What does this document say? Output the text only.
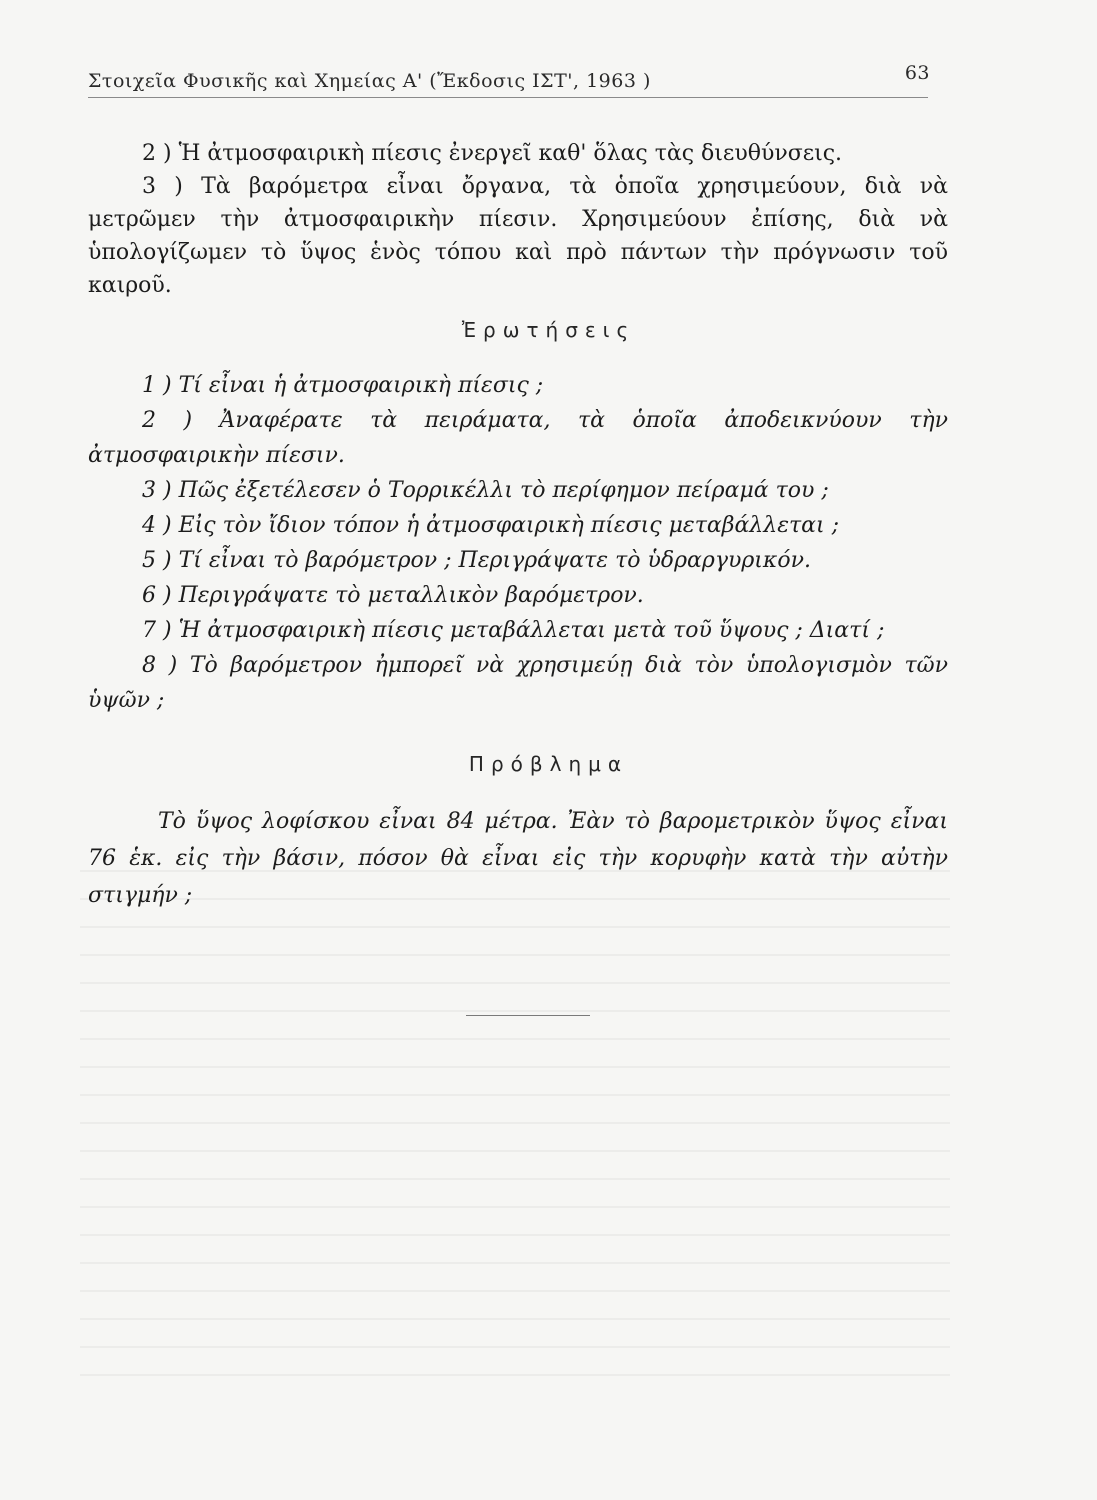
Στοιχεῖα Φυσικῆς καὶ Χημείας Α' (Ἔκδοσις ΙΣΤ', 1963 )	63

2 ) Ἡ ἀτμοσφαιρικὴ πίεσις ἐνεργεῖ καθ' ὅλας τὰς διευθύνσεις.

3 ) Τὰ βαρόμετρα εἶναι ὄργανα, τὰ ὁποῖα χρησιμεύουν, διὰ νὰ μετρῶμεν τὴν ἀτμοσφαιρικὴν πίεσιν. Χρησιμεύουν ἐπίσης, διὰ νὰ ὑπολογίζωμεν τὸ ὕψος ἑνὸς τόπου καὶ πρὸ πάντων τὴν πρόγνωσιν τοῦ καιροῦ.

Ἐρωτήσεις
1 ) Τί εἶναι ἡ ἀτμοσφαιρικὴ πίεσις ;
2 ) Ἀναφέρατε τὰ πειράματα, τὰ ὁποῖα ἀποδεικνύουν τὴν ἀτμοσφαιρικὴν πίεσιν.
3 ) Πῶς ἐξετέλεσεν ὁ Τορρικέλλι τὸ περίφημον πείραμά του ;
4 ) Εἰς τὸν ἴδιον τόπον ἡ ἀτμοσφαιρικὴ πίεσις μεταβάλλεται ;
5 ) Τί εἶναι τὸ βαρόμετρον ; Περιγράψατε τὸ ὑδραργυρικόν.
6 ) Περιγράψατε τὸ μεταλλικὸν βαρόμετρον.
7 ) Ἡ ἀτμοσφαιρικὴ πίεσις μεταβάλλεται μετὰ τοῦ ὕψους ; Διατί ;
8 ) Τὸ βαρόμετρον ἠμπορεῖ νὰ χρησιμεύῃ διὰ τὸν ὑπολογισμὸν τῶν ὑψῶν ;
Πρόβλημα

Τὸ ὕψος λοφίσκου εἶναι 84 μέτρα. Ἐὰν τὸ βαρομετρικὸν ὕψος εἶναι 76 ἑκ. εἰς τὴν βάσιν, πόσον θὰ εἶναι εἰς τὴν κορυφὴν κατὰ τὴν αὐτὴν στιγμήν ;
